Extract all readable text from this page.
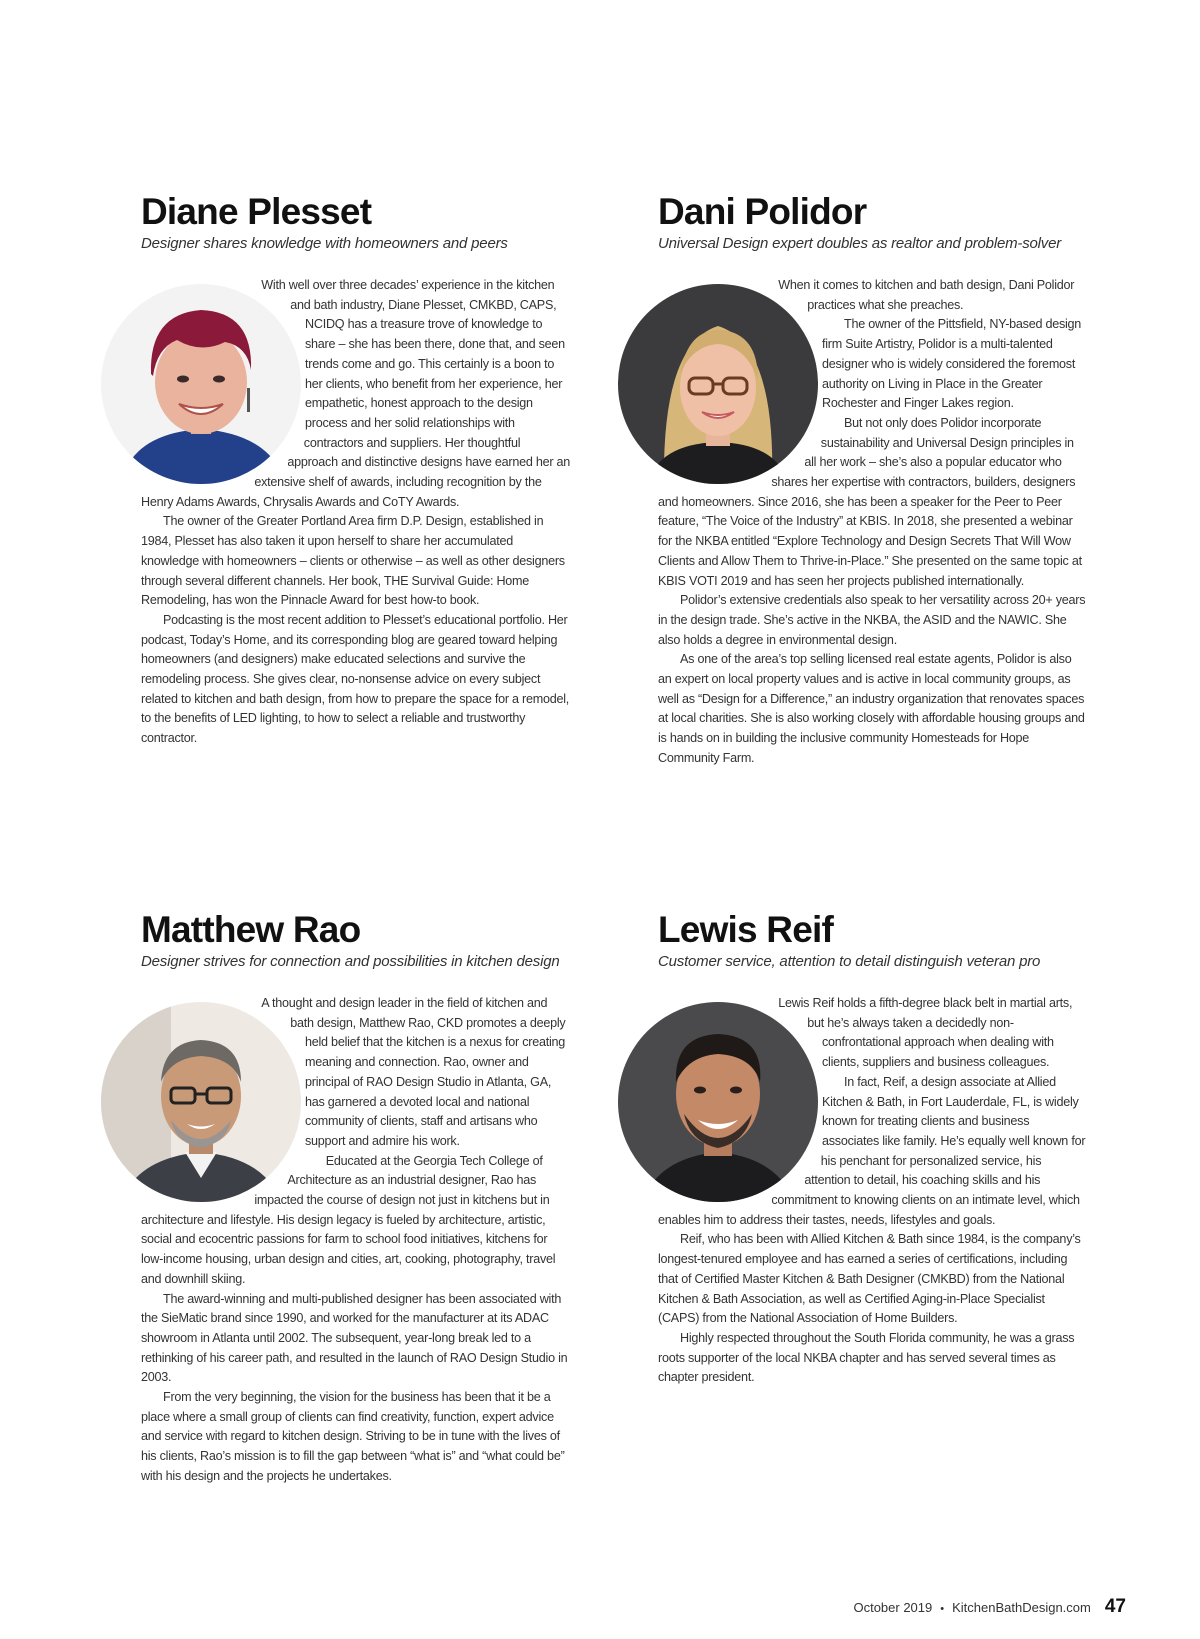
Diane Plesset
Designer shares knowledge with homeowners and peers

With well over three decades’ experience in the kitchen and bath industry, Diane Plesset, CMKBD, CAPS, NCIDQ has a treasure trove of knowledge to share – she has been there, done that, and seen trends come and go. This certainly is a boon to her clients, who benefit from her experience, her empathetic, honest approach to the design process and her solid relationships with contractors and suppliers. Her thoughtful approach and distinctive designs have earned her an extensive shelf of awards, including recognition by the Henry Adams Awards, Chrysalis Awards and CoTY Awards.

The owner of the Greater Portland Area firm D.P. Design, established in 1984, Plesset has also taken it upon herself to share her accumulated knowledge with homeowners – clients or otherwise – as well as other designers through several different channels. Her book, THE Survival Guide: Home Remodeling, has won the Pinnacle Award for best how-to book.

Podcasting is the most recent addition to Plesset’s educational portfolio. Her podcast, Today’s Home, and its corresponding blog are geared toward helping homeowners (and designers) make educated selections and survive the remodeling process. She gives clear, no-nonsense advice on every subject related to kitchen and bath design, from how to prepare the space for a remodel, to the benefits of LED lighting, to how to select a reliable and trustworthy contractor.

Dani Polidor
Universal Design expert doubles as realtor and problem-solver

When it comes to kitchen and bath design, Dani Polidor practices what she preaches.

The owner of the Pittsfield, NY-based design firm Suite Artistry, Polidor is a multi-talented designer who is widely considered the foremost authority on Living in Place in the Greater Rochester and Finger Lakes region.

But not only does Polidor incorporate sustainability and Universal Design principles in all her work – she’s also a popular educator who shares her expertise with contractors, builders, designers and homeowners. Since 2016, she has been a speaker for the Peer to Peer feature, “The Voice of the Industry” at KBIS. In 2018, she presented a webinar for the NKBA entitled “Explore Technology and Design Secrets That Will Wow Clients and Allow Them to Thrive-in-Place.” She presented on the same topic at KBIS VOTI 2019 and has seen her projects published internationally.

Polidor’s extensive credentials also speak to her versatility across 20+ years in the design trade. She’s active in the NKBA, the ASID and the NAWIC. She also holds a degree in environmental design.

As one of the area’s top selling licensed real estate agents, Polidor is also an expert on local property values and is active in local community groups, as well as “Design for a Difference,” an industry organization that renovates spaces at local charities. She is also working closely with affordable housing groups and is hands on in building the inclusive community Homesteads for Hope Community Farm.

Matthew Rao
Designer strives for connection and possibilities in kitchen design

A thought and design leader in the field of kitchen and bath design, Matthew Rao, CKD promotes a deeply held belief that the kitchen is a nexus for creating meaning and connection. Rao, owner and principal of RAO Design Studio in Atlanta, GA, has garnered a devoted local and national community of clients, staff and artisans who support and admire his work.

Educated at the Georgia Tech College of Architecture as an industrial designer, Rao has impacted the course of design not just in kitchens but in architecture and lifestyle. His design legacy is fueled by architecture, artistic, social and ecocentric passions for farm to school food initiatives, kitchens for low-income housing, urban design and cities, art, cooking, photography, travel and downhill skiing.

The award-winning and multi-published designer has been associated with the SieMatic brand since 1990, and worked for the manufacturer at its ADAC showroom in Atlanta until 2002. The subsequent, year-long break led to a rethinking of his career path, and resulted in the launch of RAO Design Studio in 2003.

From the very beginning, the vision for the business has been that it be a place where a small group of clients can find creativity, function, expert advice and service with regard to kitchen design. Striving to be in tune with the lives of his clients, Rao’s mission is to fill the gap between “what is” and “what could be” with his design and the projects he undertakes.

Lewis Reif
Customer service, attention to detail distinguish veteran pro

Lewis Reif holds a fifth-degree black belt in martial arts, but he’s always taken a decidedly non-confrontational approach when dealing with clients, suppliers and business colleagues.

In fact, Reif, a design associate at Allied Kitchen & Bath, in Fort Lauderdale, FL, is widely known for treating clients and business associates like family. He’s equally well known for his penchant for personalized service, his attention to detail, his coaching skills and his commitment to knowing clients on an intimate level, which enables him to address their tastes, needs, lifestyles and goals.

Reif, who has been with Allied Kitchen & Bath since 1984, is the company’s longest-tenured employee and has earned a series of certifications, including that of Certified Master Kitchen & Bath Designer (CMKBD) from the National Kitchen & Bath Association, as well as Certified Aging-in-Place Specialist (CAPS) from the National Association of Home Builders.

Highly respected throughout the South Florida community, he was a grass roots supporter of the local NKBA chapter and has served several times as chapter president.

October 2019 • KitchenBathDesign.com 47
